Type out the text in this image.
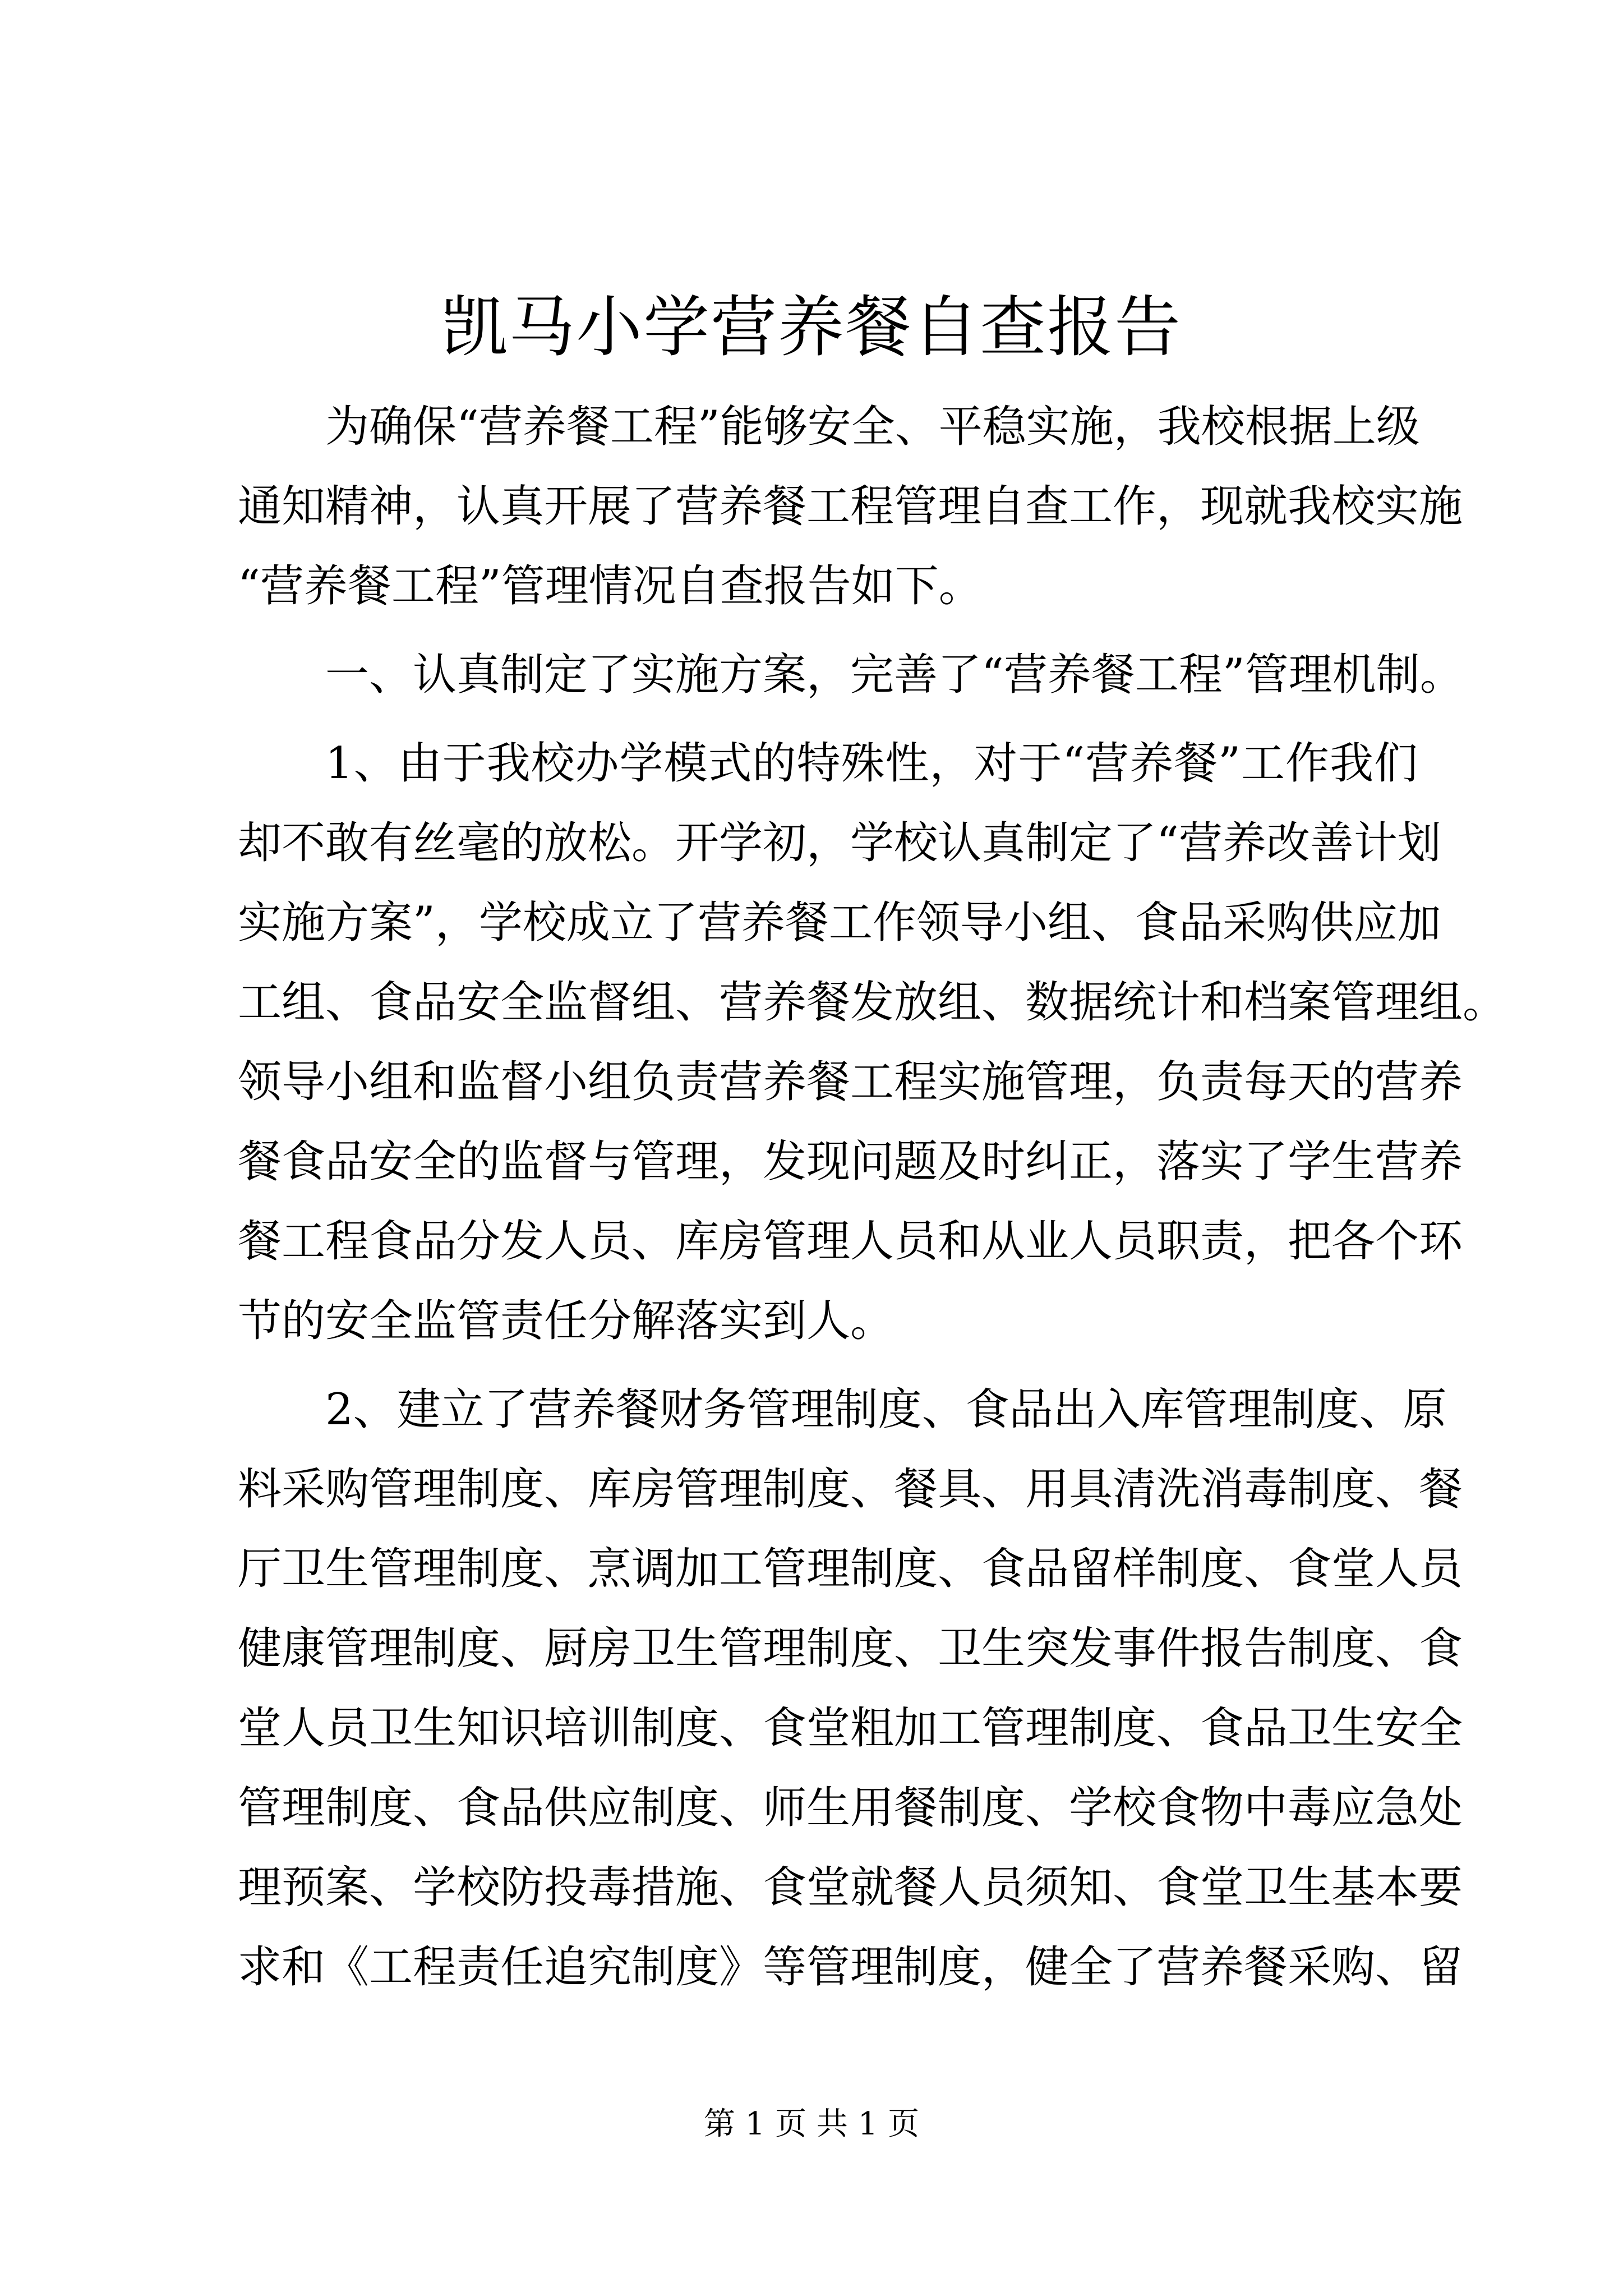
凯马小学营养餐自查报告
为确保“营养餐工程”能够安全、平稳实施，我校根据上级
通知精神，认真开展了营养餐工程管理自查工作，现就我校实施
“营养餐工程”管理情况自查报告如下。
一、认真制定了实施方案，完善了“营养餐工程”管理机制。
1、由于我校办学模式的特殊性，对于“营养餐”工作我们
却不敢有丝毫的放松。开学初，学校认真制定了“营养改善计划
实施方案”，学校成立了营养餐工作领导小组、食品采购供应加
工组、食品安全监督组、营养餐发放组、数据统计和档案管理组。
领导小组和监督小组负责营养餐工程实施管理，负责每天的营养
餐食品安全的监督与管理，发现问题及时纠正，落实了学生营养
餐工程食品分发人员、库房管理人员和从业人员职责，把各个环
节的安全监管责任分解落实到人。
2、建立了营养餐财务管理制度、食品出入库管理制度、原
料采购管理制度、库房管理制度、餐具、用具清洗消毒制度、餐
厅卫生管理制度、烹调加工管理制度、食品留样制度、食堂人员
健康管理制度、厨房卫生管理制度、卫生突发事件报告制度、食
堂人员卫生知识培训制度、食堂粗加工管理制度、食品卫生安全
管理制度、食品供应制度、师生用餐制度、学校食物中毒应急处
理预案、学校防投毒措施、食堂就餐人员须知、食堂卫生基本要
求和《工程责任追究制度》等管理制度，健全了营养餐采购、留
第 1 页 共 1 页
